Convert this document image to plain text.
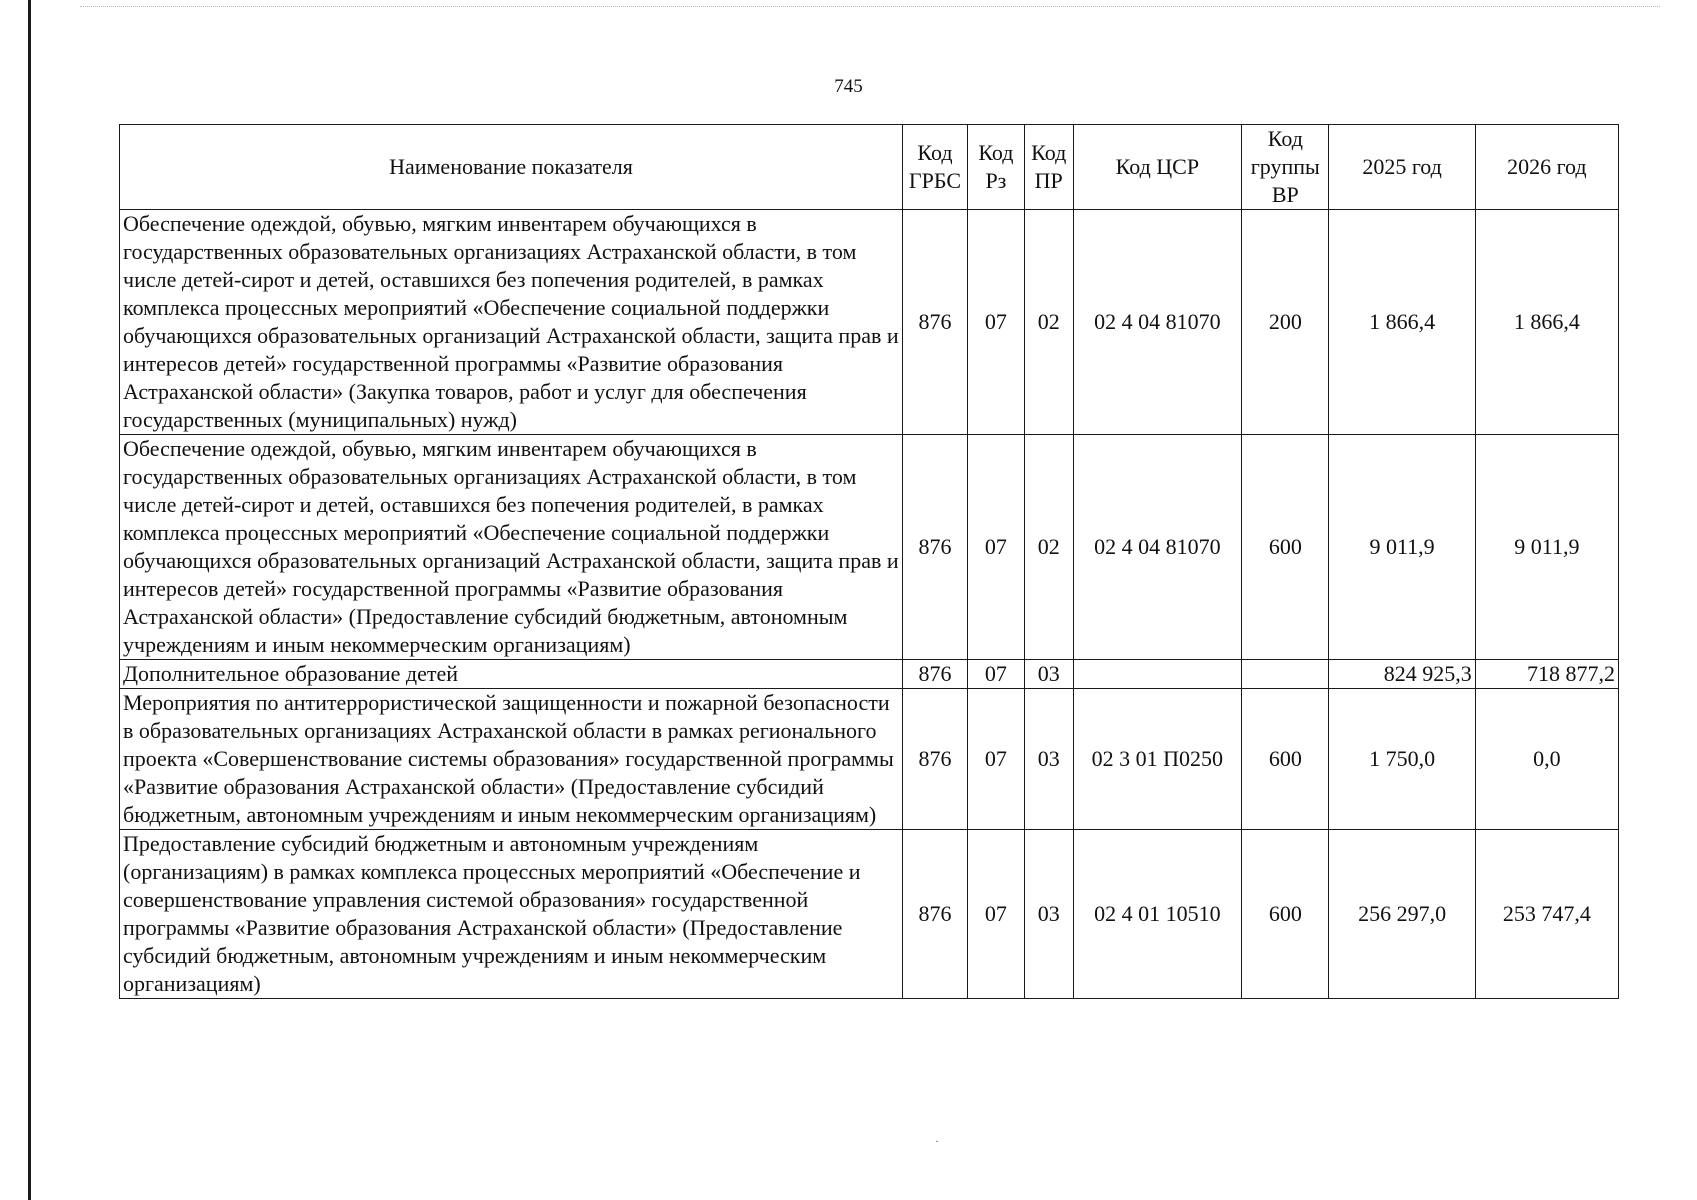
745
Наименование показателя	Код ГРБС	Код Рз	Код ПР	Код ЦСР	Код группы ВР	2025 год	2026 год
Обеспечение одеждой, обувью, мягким инвентарем обучающихся в государственных образовательных организациях Астраханской области, в том числе детей-сирот и детей, оставшихся без попечения родителей, в рамках комплекса процессных мероприятий «Обеспечение социальной поддержки обучающихся образовательных организаций Астраханской области, защита прав и интересов детей» государственной программы «Развитие образования Астраханской области» (Закупка товаров, работ и услуг для обеспечения государственных (муниципальных) нужд)	876	07	02	02 4 04 81070	200	1 866,4	1 866,4
Обеспечение одеждой, обувью, мягким инвентарем обучающихся в государственных образовательных организациях Астраханской области, в том числе детей-сирот и детей, оставшихся без попечения родителей, в рамках комплекса процессных мероприятий «Обеспечение социальной поддержки обучающихся образовательных организаций Астраханской области, защита прав и интересов детей» государственной программы «Развитие образования Астраханской области» (Предоставление субсидий бюджетным, автономным учреждениям и иным некоммерческим организациям)	876	07	02	02 4 04 81070	600	9 011,9	9 011,9
Дополнительное образование детей	876	07	03			824 925,3	718 877,2
Мероприятия по антитеррористической защищенности и пожарной безопасности в образовательных организациях Астраханской области в рамках регионального проекта «Совершенствование системы образования» государственной программы «Развитие образования Астраханской области» (Предоставление субсидий бюджетным, автономным учреждениям и иным некоммерческим организациям)	876	07	03	02 3 01 П0250	600	1 750,0	0,0
Предоставление субсидий бюджетным и автономным учреждениям (организациям) в рамках комплекса процессных мероприятий «Обеспечение и совершенствование управления системой образования» государственной программы «Развитие образования Астраханской области» (Предоставление субсидий бюджетным, автономным учреждениям и иным некоммерческим организациям)	876	07	03	02 4 01 10510	600	256 297,0	253 747,4
·
